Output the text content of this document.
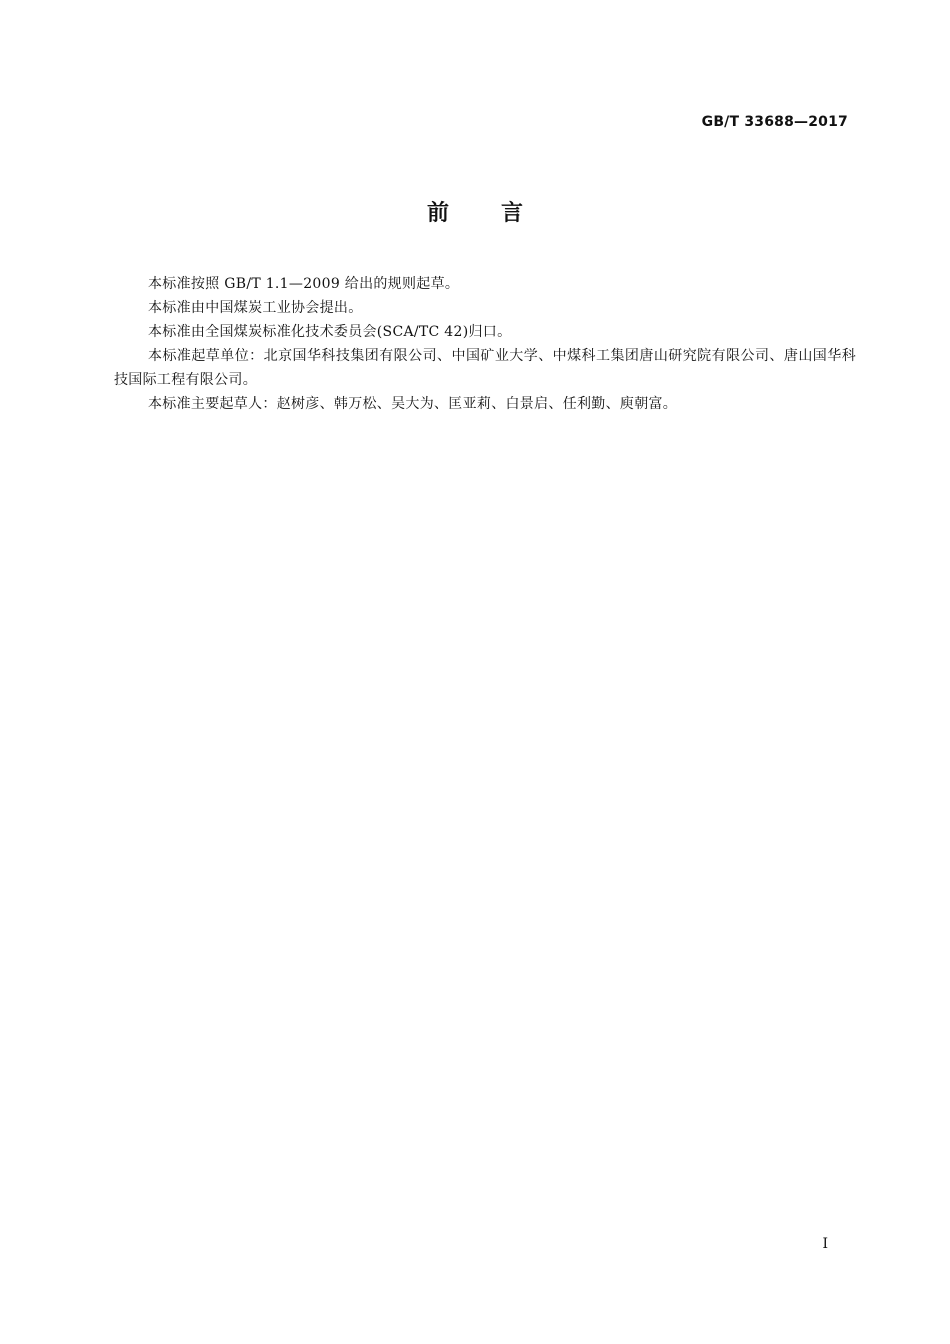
GB/T 33688—2017
前 言

本标准按照 GB/T 1.1—2009 给出的规则起草。

本标准由中国煤炭工业协会提出。

本标准由全国煤炭标准化技术委员会(SCA/TC 42)归口。

本标准起草单位：北京国华科技集团有限公司、中国矿业大学、中煤科工集团唐山研究院有限公司、唐山国华科技国际工程有限公司。

本标准主要起草人：赵树彦、韩万松、吴大为、匡亚莉、白景启、任利勤、庾朝富。

I
